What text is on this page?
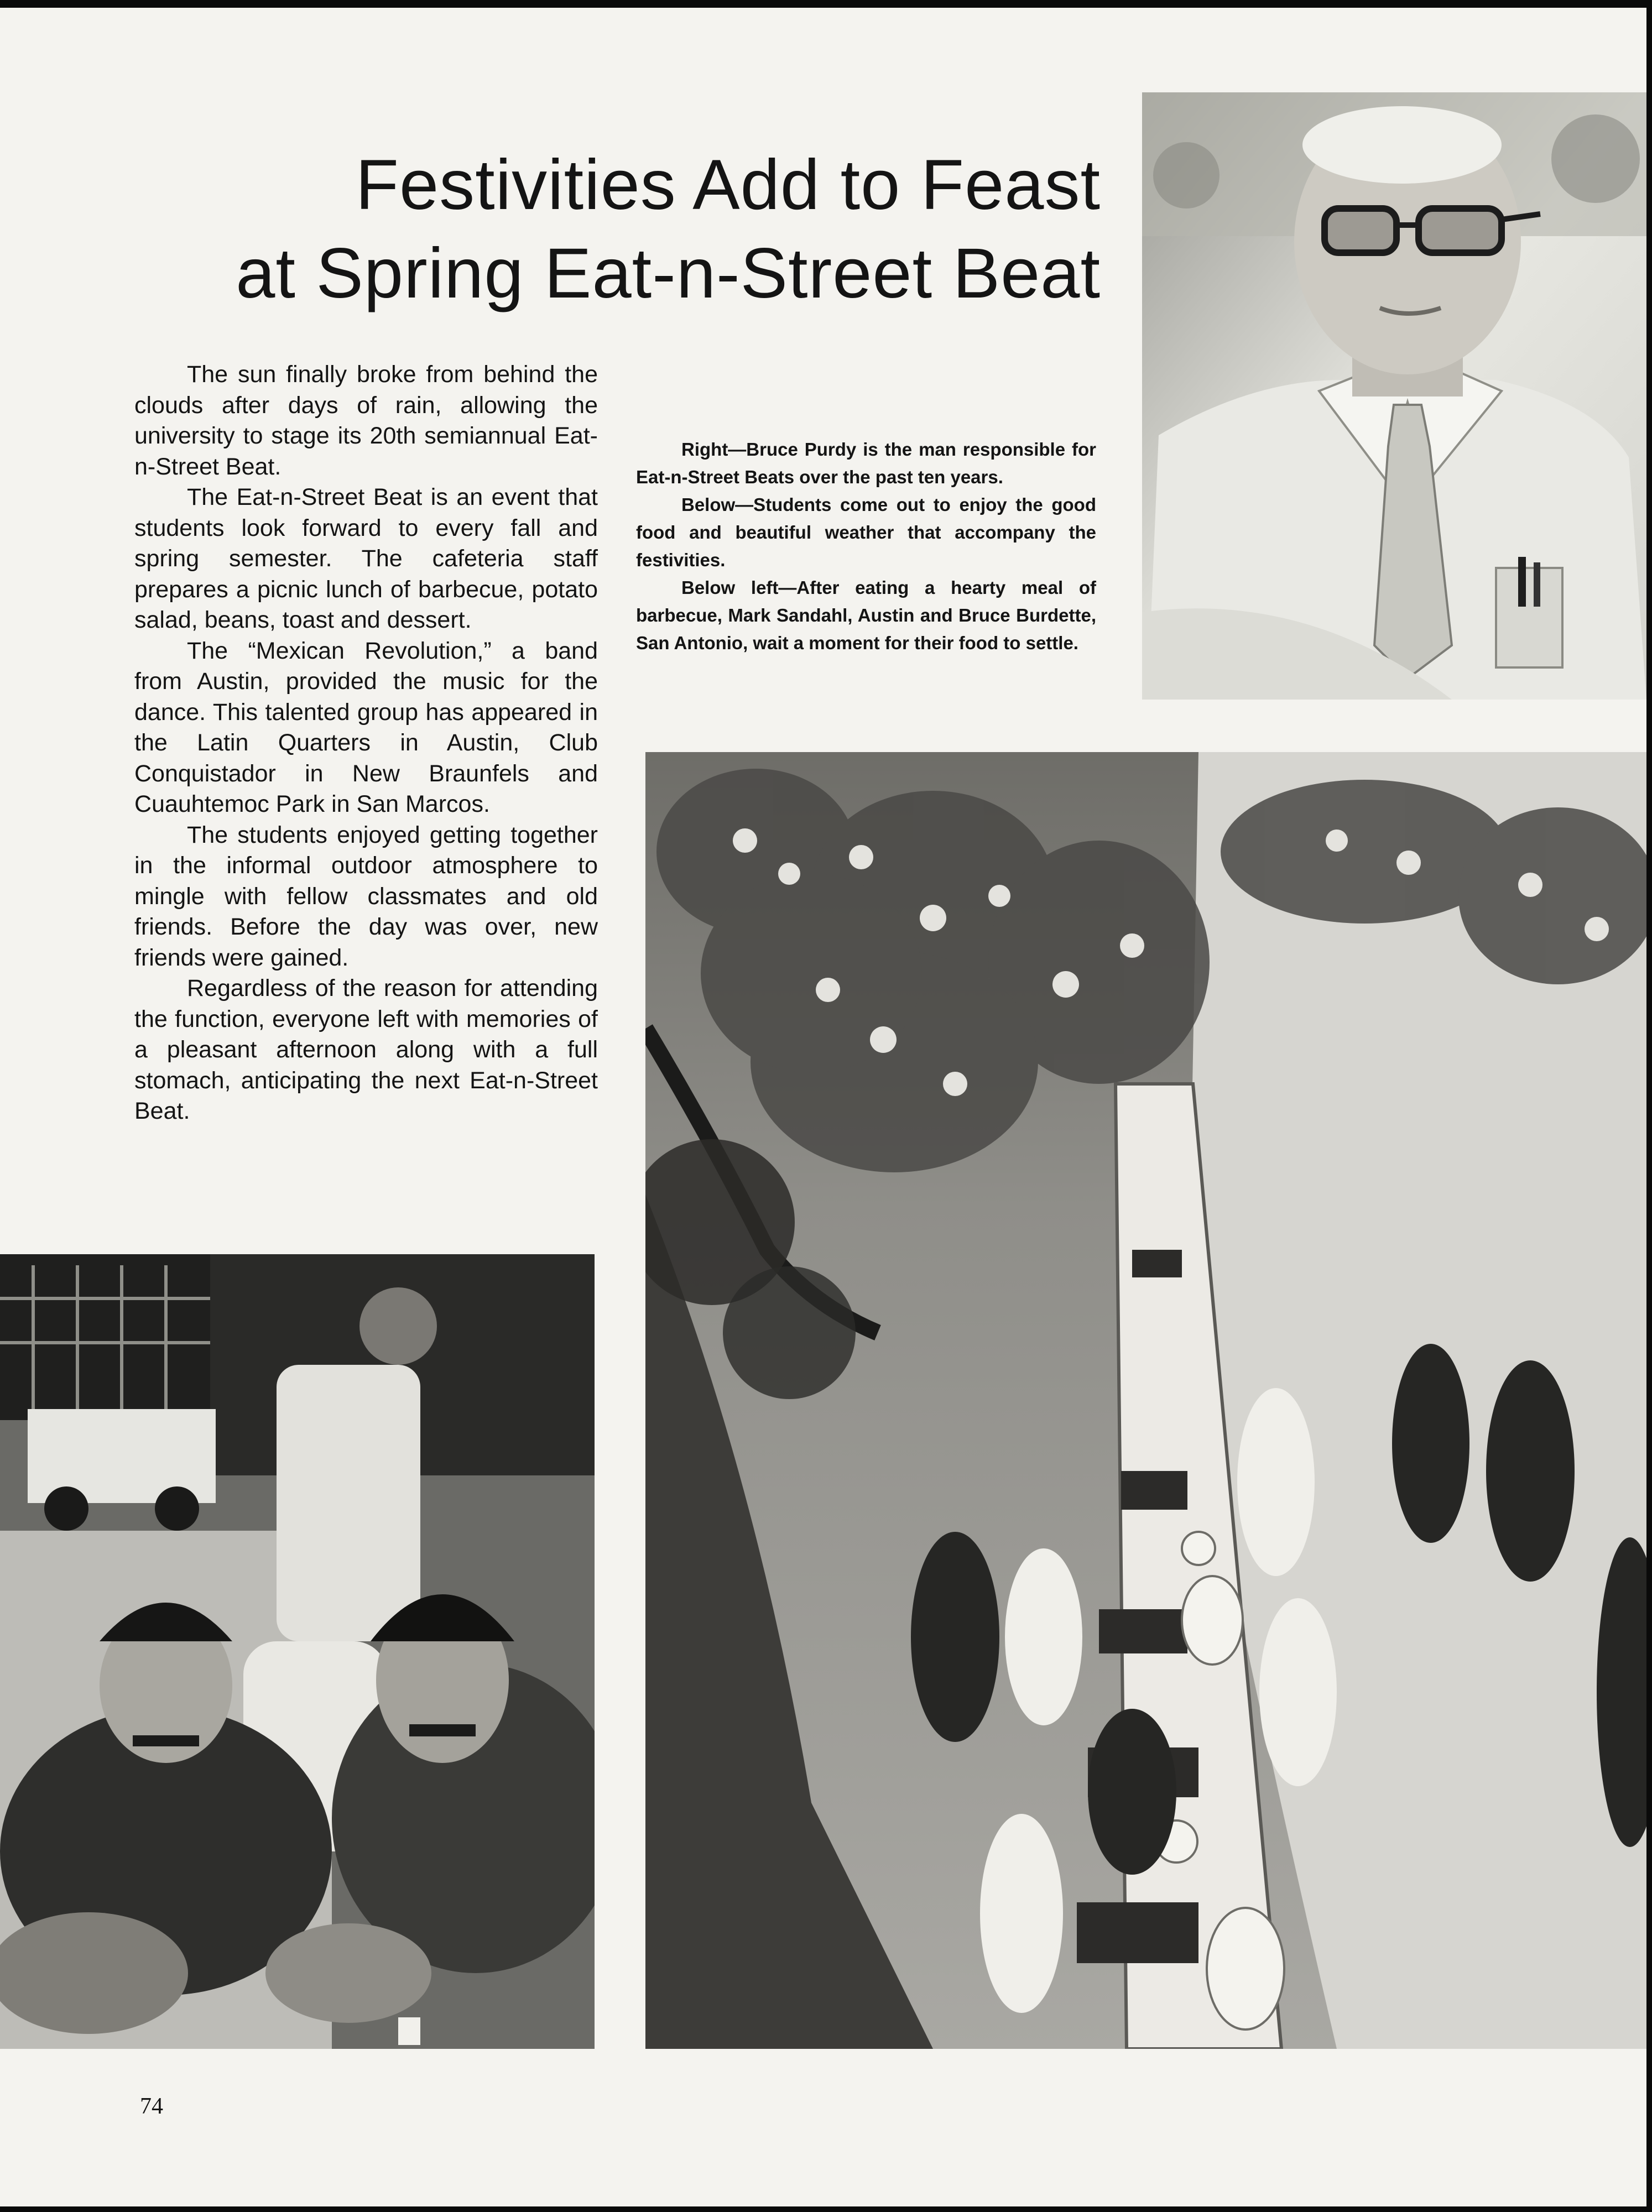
Festivities Add to Feast
at Spring Eat-n-Street Beat

The sun finally broke from behind the clouds after days of rain, allowing the university to stage its 20th semiannual Eat-n-Street Beat.

The Eat-n-Street Beat is an event that students look forward to every fall and spring semester. The cafeteria staff prepares a picnic lunch of barbecue, potato salad, beans, toast and dessert.

The “Mexican Revolution,” a band from Austin, provided the music for the dance. This talented group has appeared in the Latin Quarters in Austin, Club Conquistador in New Braunfels and Cuauhtemoc Park in San Marcos.

The students enjoyed getting together in the informal outdoor atmosphere to mingle with fellow classmates and old friends. Before the day was over, new friends were gained.

Regardless of the reason for attending the function, everyone left with memories of a pleasant afternoon along with a full stomach, anticipating the next Eat-n-Street Beat.

Right—Bruce Purdy is the man responsible for Eat-n-Street Beats over the past ten years.

Below—Students come out to enjoy the good food and beautiful weather that accompany the festivities.

Below left—After eating a hearty meal of barbecue, Mark Sandahl, Austin and Bruce Burdette, San Antonio, wait a moment for their food to settle.

74
